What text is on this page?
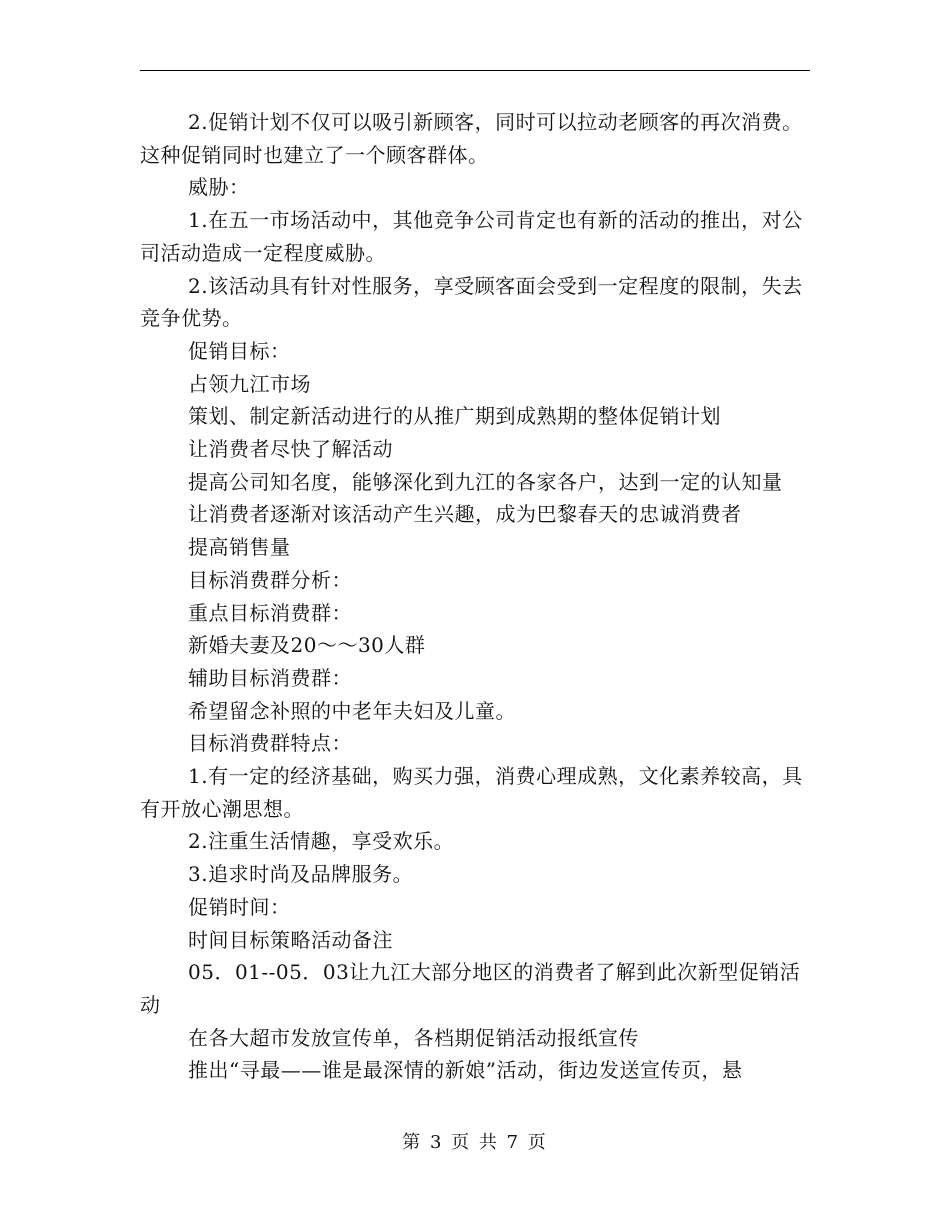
2.促销计划不仅可以吸引新顾客，同时可以拉动老顾客的再次消费。这种促销同时也建立了一个顾客群体。

威胁：

1.在五一市场活动中，其他竞争公司肯定也有新的活动的推出，对公司活动造成一定程度威胁。

2.该活动具有针对性服务，享受顾客面会受到一定程度的限制，失去竞争优势。

促销目标：

占领九江市场

策划、制定新活动进行的从推广期到成熟期的整体促销计划

让消费者尽快了解活动

提高公司知名度，能够深化到九江的各家各户，达到一定的认知量

让消费者逐渐对该活动产生兴趣，成为巴黎春天的忠诚消费者

提高销售量

目标消费群分析：

重点目标消费群：

新婚夫妻及20～～30人群

辅助目标消费群：

希望留念补照的中老年夫妇及儿童。

目标消费群特点：

1.有一定的经济基础，购买力强，消费心理成熟，文化素养较高，具有开放心潮思想。

2.注重生活情趣，享受欢乐。

3.追求时尚及品牌服务。

促销时间：

时间目标策略活动备注

05．01--05．03让九江大部分地区的消费者了解到此次新型促销活动

在各大超市发放宣传单，各档期促销活动报纸宣传

推出“寻最——谁是最深情的新娘”活动，街边发送宣传页，悬

第 3 页 共 7 页
